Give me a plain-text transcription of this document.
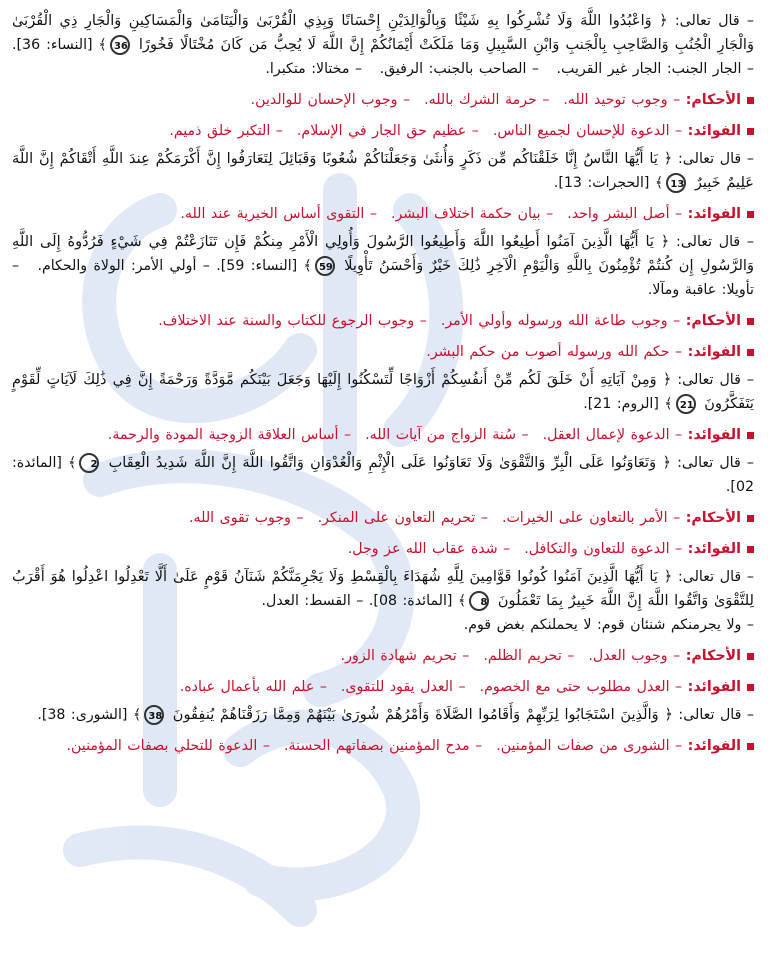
– قال تعالى: ﴿ وَاعْبُدُوا اللَّهَ وَلَا تُشْرِكُوا بِهِ شَيْئًا وَبِالْوَالِدَيْنِ إِحْسَانًا وَبِذِي الْقُرْبَىٰ وَالْيَتَامَىٰ وَالْمَسَاكِينِ وَالْجَارِ ذِي الْقُرْبَىٰ وَالْجَارِ الْجُنُبِ وَالصَّاحِبِ بِالْجَنبِ وَابْنِ السَّبِيلِ وَمَا مَلَكَتْ أَيْمَانُكُمْ إِنَّ اللَّهَ لَا يُحِبُّ مَن كَانَ مُخْتَالًا فَخُورًا 36﴾ [النساء: 36]. – الجار الجنب: الجار غير القريب. – الصاحب بالجنب: الرفيق. – مختالا: متكبرا.
الأحكام: – وجوب توحيد الله.– حرمة الشرك بالله.– وجوب الإحسان للوالدين.
الفوائد: – الدعوة للإحسان لجميع الناس.– عظيم حق الجار في الإسلام.– التكبر خلق ذميم.
– قال تعالى: ﴿ يَا أَيُّهَا النَّاسُ إِنَّا خَلَقْنَاكُم مِّن ذَكَرٍ وَأُنثَىٰ وَجَعَلْنَاكُمْ شُعُوبًا وَقَبَائِلَ لِتَعَارَفُوا إِنَّ أَكْرَمَكُمْ عِندَ اللَّهِ أَتْقَاكُمْ إِنَّ اللَّهَ عَلِيمٌ خَبِيرٌ 13﴾ [الحجرات: 13].
الفوائد: – أصل البشر واحد.– بيان حكمة اختلاف البشر.– التقوى أساس الخيرية عند الله.
– قال تعالى: ﴿ يَا أَيُّهَا الَّذِينَ آمَنُوا أَطِيعُوا اللَّهَ وَأَطِيعُوا الرَّسُولَ وَأُولِي الْأَمْرِ مِنكُمْ فَإِن تَنَازَعْتُمْ فِي شَيْءٍ فَرُدُّوهُ إِلَى اللَّهِ وَالرَّسُولِ إِن كُنتُمْ تُؤْمِنُونَ بِاللَّهِ وَالْيَوْمِ الْآخِرِ ذَٰلِكَ خَيْرٌ وَأَحْسَنُ تَأْوِيلًا 59﴾ [النساء: 59]. – أولي الأمر: الولاة والحكام. – تأويلا: عاقبة ومآلا.
الأحكام: – وجوب طاعة الله ورسوله وأولي الأمر.– وجوب الرجوع للكتاب والسنة عند الاختلاف.
الفوائد: – حكم الله ورسوله أصوب من حكم البشر.
– قال تعالى: ﴿ وَمِنْ آيَاتِهِ أَنْ خَلَقَ لَكُم مِّنْ أَنفُسِكُمْ أَزْوَاجًا لِّتَسْكُنُوا إِلَيْهَا وَجَعَلَ بَيْنَكُم مَّوَدَّةً وَرَحْمَةً إِنَّ فِي ذَٰلِكَ لَآيَاتٍ لِّقَوْمٍ يَتَفَكَّرُونَ 21﴾ [الروم: 21].
الفوائد: – الدعوة لإعمال العقل.– سُنة الزواج من آيات الله.– أساس العلاقة الزوجية المودة والرحمة.
– قال تعالى: ﴿ وَتَعَاوَنُوا عَلَى الْبِرِّ وَالتَّقْوَىٰ وَلَا تَعَاوَنُوا عَلَى الْإِثْمِ وَالْعُدْوَانِ وَاتَّقُوا اللَّهَ إِنَّ اللَّهَ شَدِيدُ الْعِقَابِ 2﴾ [المائدة: 02].
الأحكام: – الأمر بالتعاون على الخيرات.– تحريم التعاون على المنكر.– وجوب تقوى الله.
الفوائد: – الدعوة للتعاون والتكافل.– شدة عقاب الله عز وجل.
– قال تعالى: ﴿ يَا أَيُّهَا الَّذِينَ آمَنُوا كُونُوا قَوَّامِينَ لِلَّهِ شُهَدَاءَ بِالْقِسْطِ وَلَا يَجْرِمَنَّكُمْ شَنَآنُ قَوْمٍ عَلَىٰ أَلَّا تَعْدِلُوا اعْدِلُوا هُوَ أَقْرَبُ لِلتَّقْوَىٰ وَاتَّقُوا اللَّهَ إِنَّ اللَّهَ خَبِيرٌ بِمَا تَعْمَلُونَ 8﴾ [المائدة: 08]. – القسط: العدل.
– ولا يجرمنكم شنئان قوم: لا يحملنكم بغض قوم.
الأحكام: – وجوب العدل.– تحريم الظلم.– تحريم شهادة الزور.
الفوائد: – العدل مطلوب حتى مع الخصوم.– العدل يقود للتقوى.– علم الله بأعمال عباده.
– قال تعالى: ﴿ وَالَّذِينَ اسْتَجَابُوا لِرَبِّهِمْ وَأَقَامُوا الصَّلَاةَ وَأَمْرُهُمْ شُورَىٰ بَيْنَهُمْ وَمِمَّا رَزَقْنَاهُمْ يُنفِقُونَ 38﴾ [الشورى: 38].
الفوائد: – الشورى من صفات المؤمنين.– مدح المؤمنين بصفاتهم الحسنة.– الدعوة للتحلي بصفات المؤمنين.
